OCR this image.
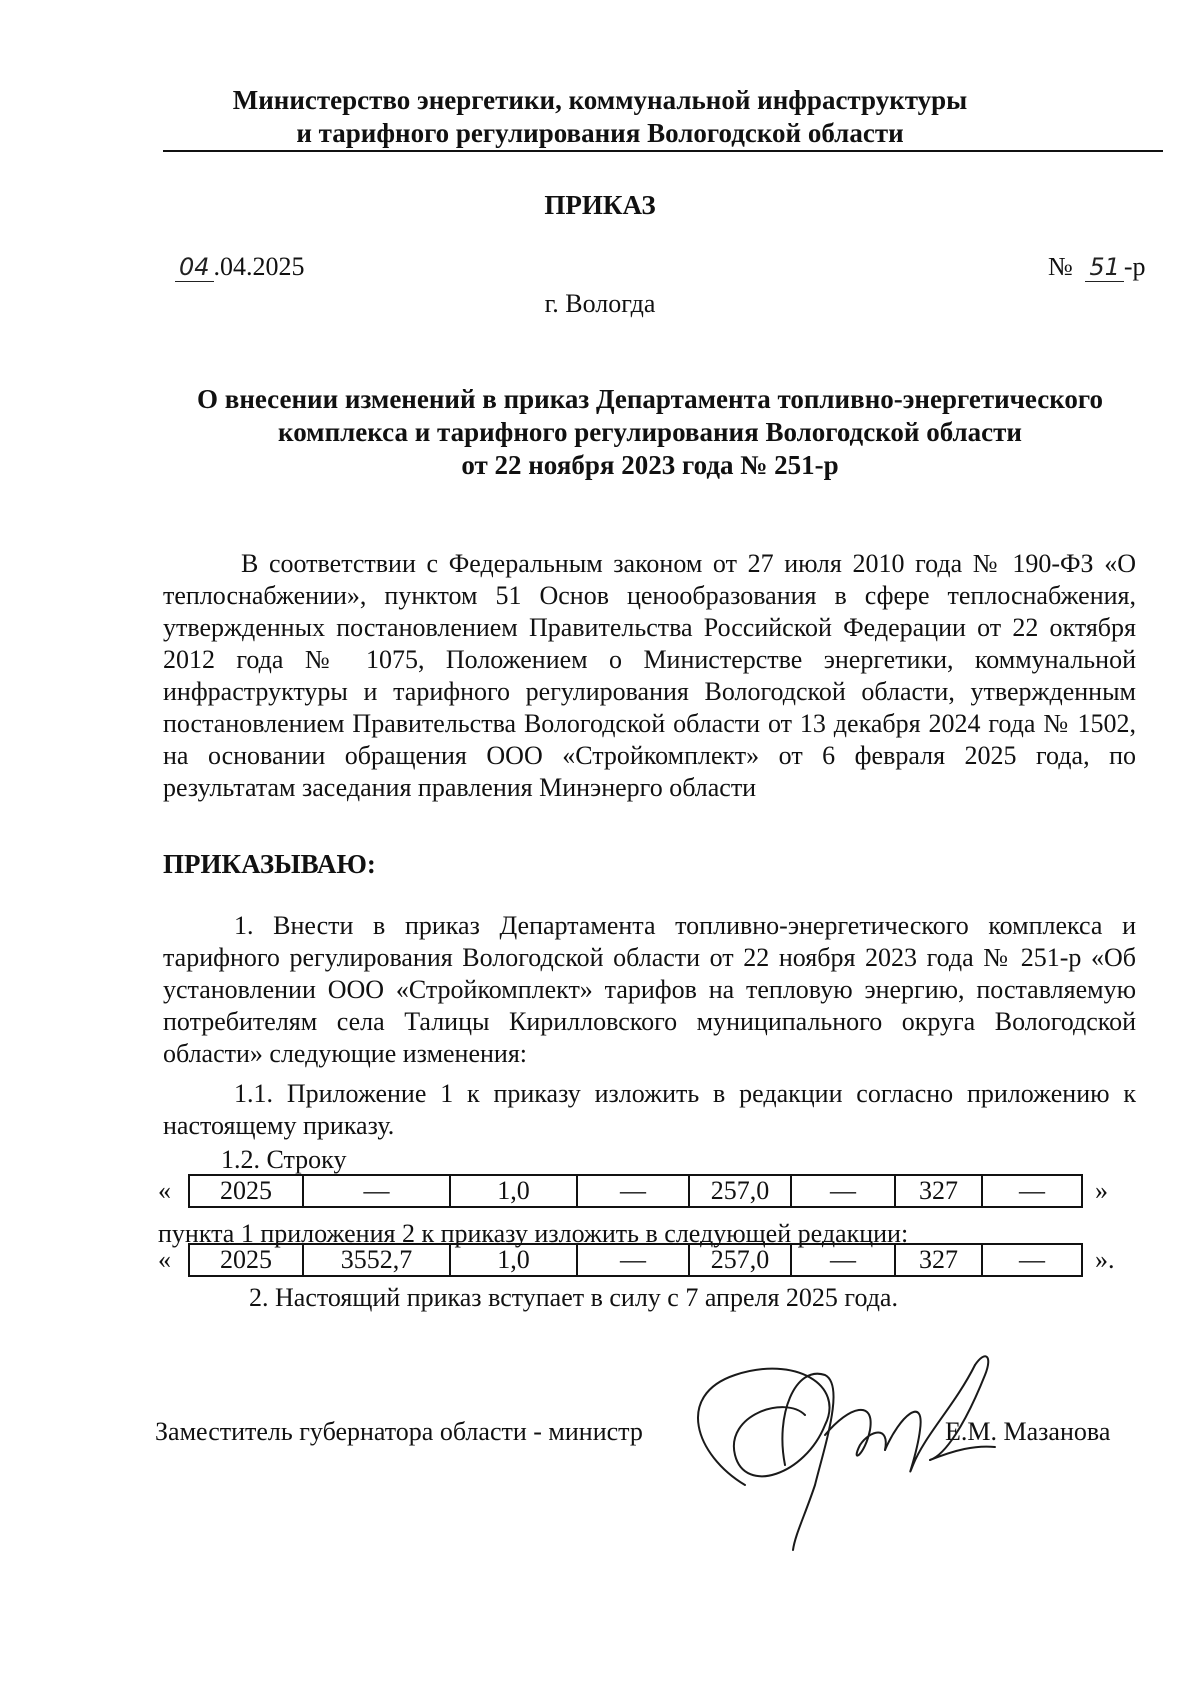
Министерство энергетики, коммунальной инфраструктуры
и тарифного регулирования Вологодской области
ПРИКАЗ
04 .04.2025	№ 51 -р
г. Вологда
О внесении изменений в приказ Департамента топливно-энергетического
комплекса и тарифного регулирования Вологодской области
от 22 ноября 2023 года № 251-р
В соответствии с Федеральным законом от 27 июля 2010 года № 190-ФЗ «О теплоснабжении», пунктом 51 Основ ценообразования в сфере теплоснабжения, утвержденных постановлением Правительства Российской Федерации от 22 октября 2012 года № 1075, Положением о Министерстве энергетики, коммунальной инфраструктуры и тарифного регулирования Вологодской области, утвержденным постановлением Правительства Вологодской области от 13 декабря 2024 года № 1502, на основании обращения ООО «Стройкомплект» от 6 февраля 2025 года, по результатам заседания правления Минэнерго области
ПРИКАЗЫВАЮ:
1. Внести в приказ Департамента топливно-энергетического комплекса и тарифного регулирования Вологодской области от 22 ноября 2023 года № 251-р «Об установлении ООО «Стройкомплект» тарифов на тепловую энергию, поставляемую потребителям села Талицы Кирилловского муниципального округа Вологодской области» следующие изменения:
1.1. Приложение 1 к приказу изложить в редакции согласно приложению к настоящему приказу.
1.2. Строку
« 2025	—	1,0	—	257,0	—	327	— »
пункта 1 приложения 2 к приказу изложить в следующей редакции:
« 2025	3552,7	1,0	—	257,0	—	327	— ».
2. Настоящий приказ вступает в силу с 7 апреля 2025 года.
Заместитель губернатора области - министр	Е.М. Мазанова
